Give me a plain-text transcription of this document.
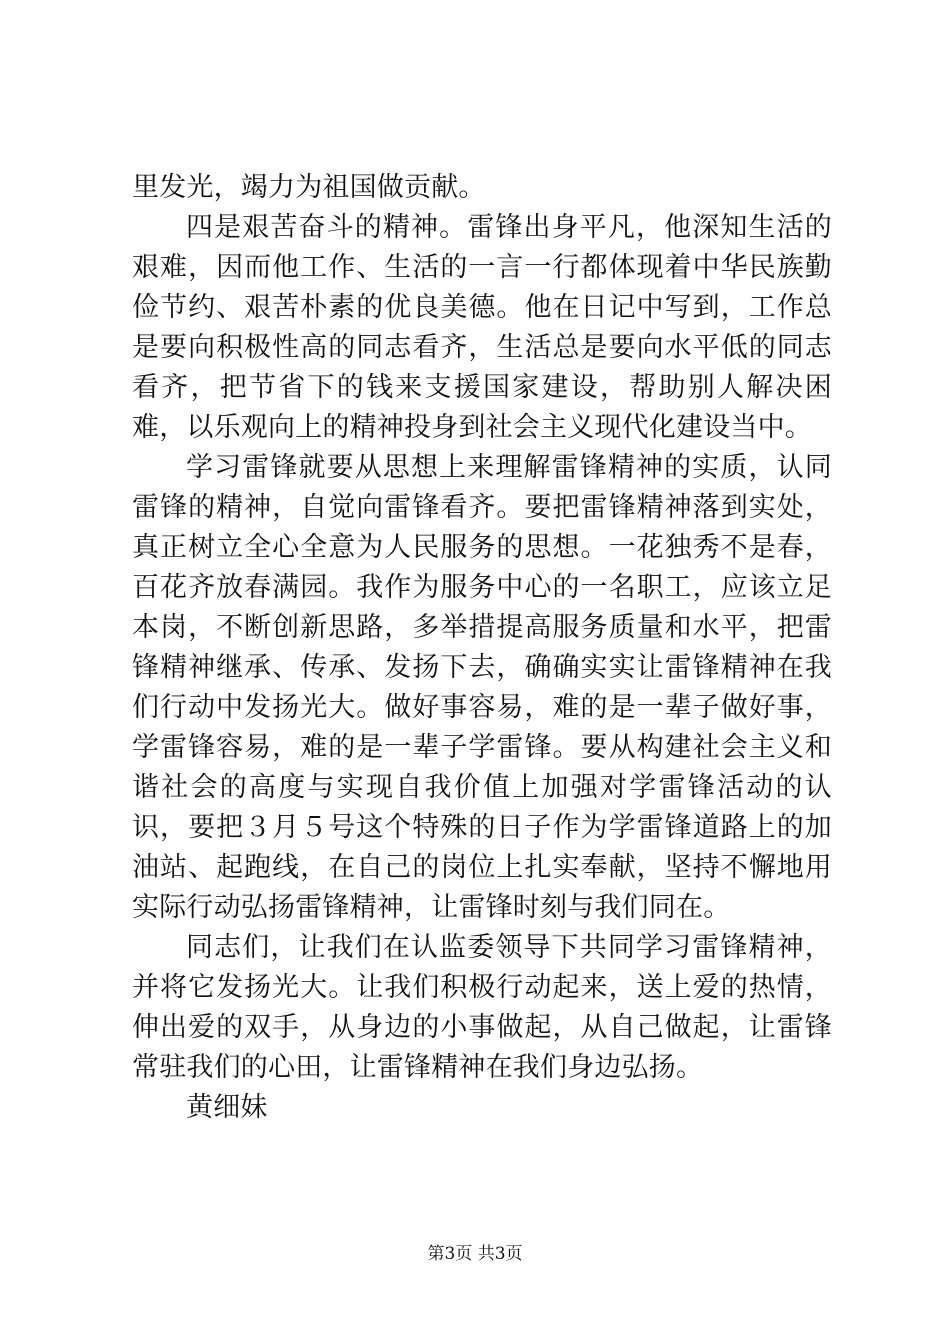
里发光，竭力为祖国做贡献。

四是艰苦奋斗的精神。雷锋出身平凡，他深知生活的艰难，因而他工作、生活的一言一行都体现着中华民族勤俭节约、艰苦朴素的优良美德。他在日记中写到，工作总是要向积极性高的同志看齐，生活总是要向水平低的同志看齐，把节省下的钱来支援国家建设，帮助别人解决困难，以乐观向上的精神投身到社会主义现代化建设当中。

学习雷锋就要从思想上来理解雷锋精神的实质，认同雷锋的精神，自觉向雷锋看齐。要把雷锋精神落到实处，真正树立全心全意为人民服务的思想。一花独秀不是春，百花齐放春满园。我作为服务中心的一名职工，应该立足本岗，不断创新思路，多举措提高服务质量和水平，把雷锋精神继承、传承、发扬下去，确确实实让雷锋精神在我们行动中发扬光大。做好事容易，难的是一辈子做好事，学雷锋容易，难的是一辈子学雷锋。要从构建社会主义和谐社会的高度与实现自我价值上加强对学雷锋活动的认识，要把３月５号这个特殊的日子作为学雷锋道路上的加油站、起跑线，在自己的岗位上扎实奉献，坚持不懈地用实际行动弘扬雷锋精神，让雷锋时刻与我们同在。

同志们，让我们在认监委领导下共同学习雷锋精神，并将它发扬光大。让我们积极行动起来，送上爱的热情，伸出爱的双手，从身边的小事做起，从自己做起，让雷锋常驻我们的心田，让雷锋精神在我们身边弘扬。

黄细妹

第3页 共3页
